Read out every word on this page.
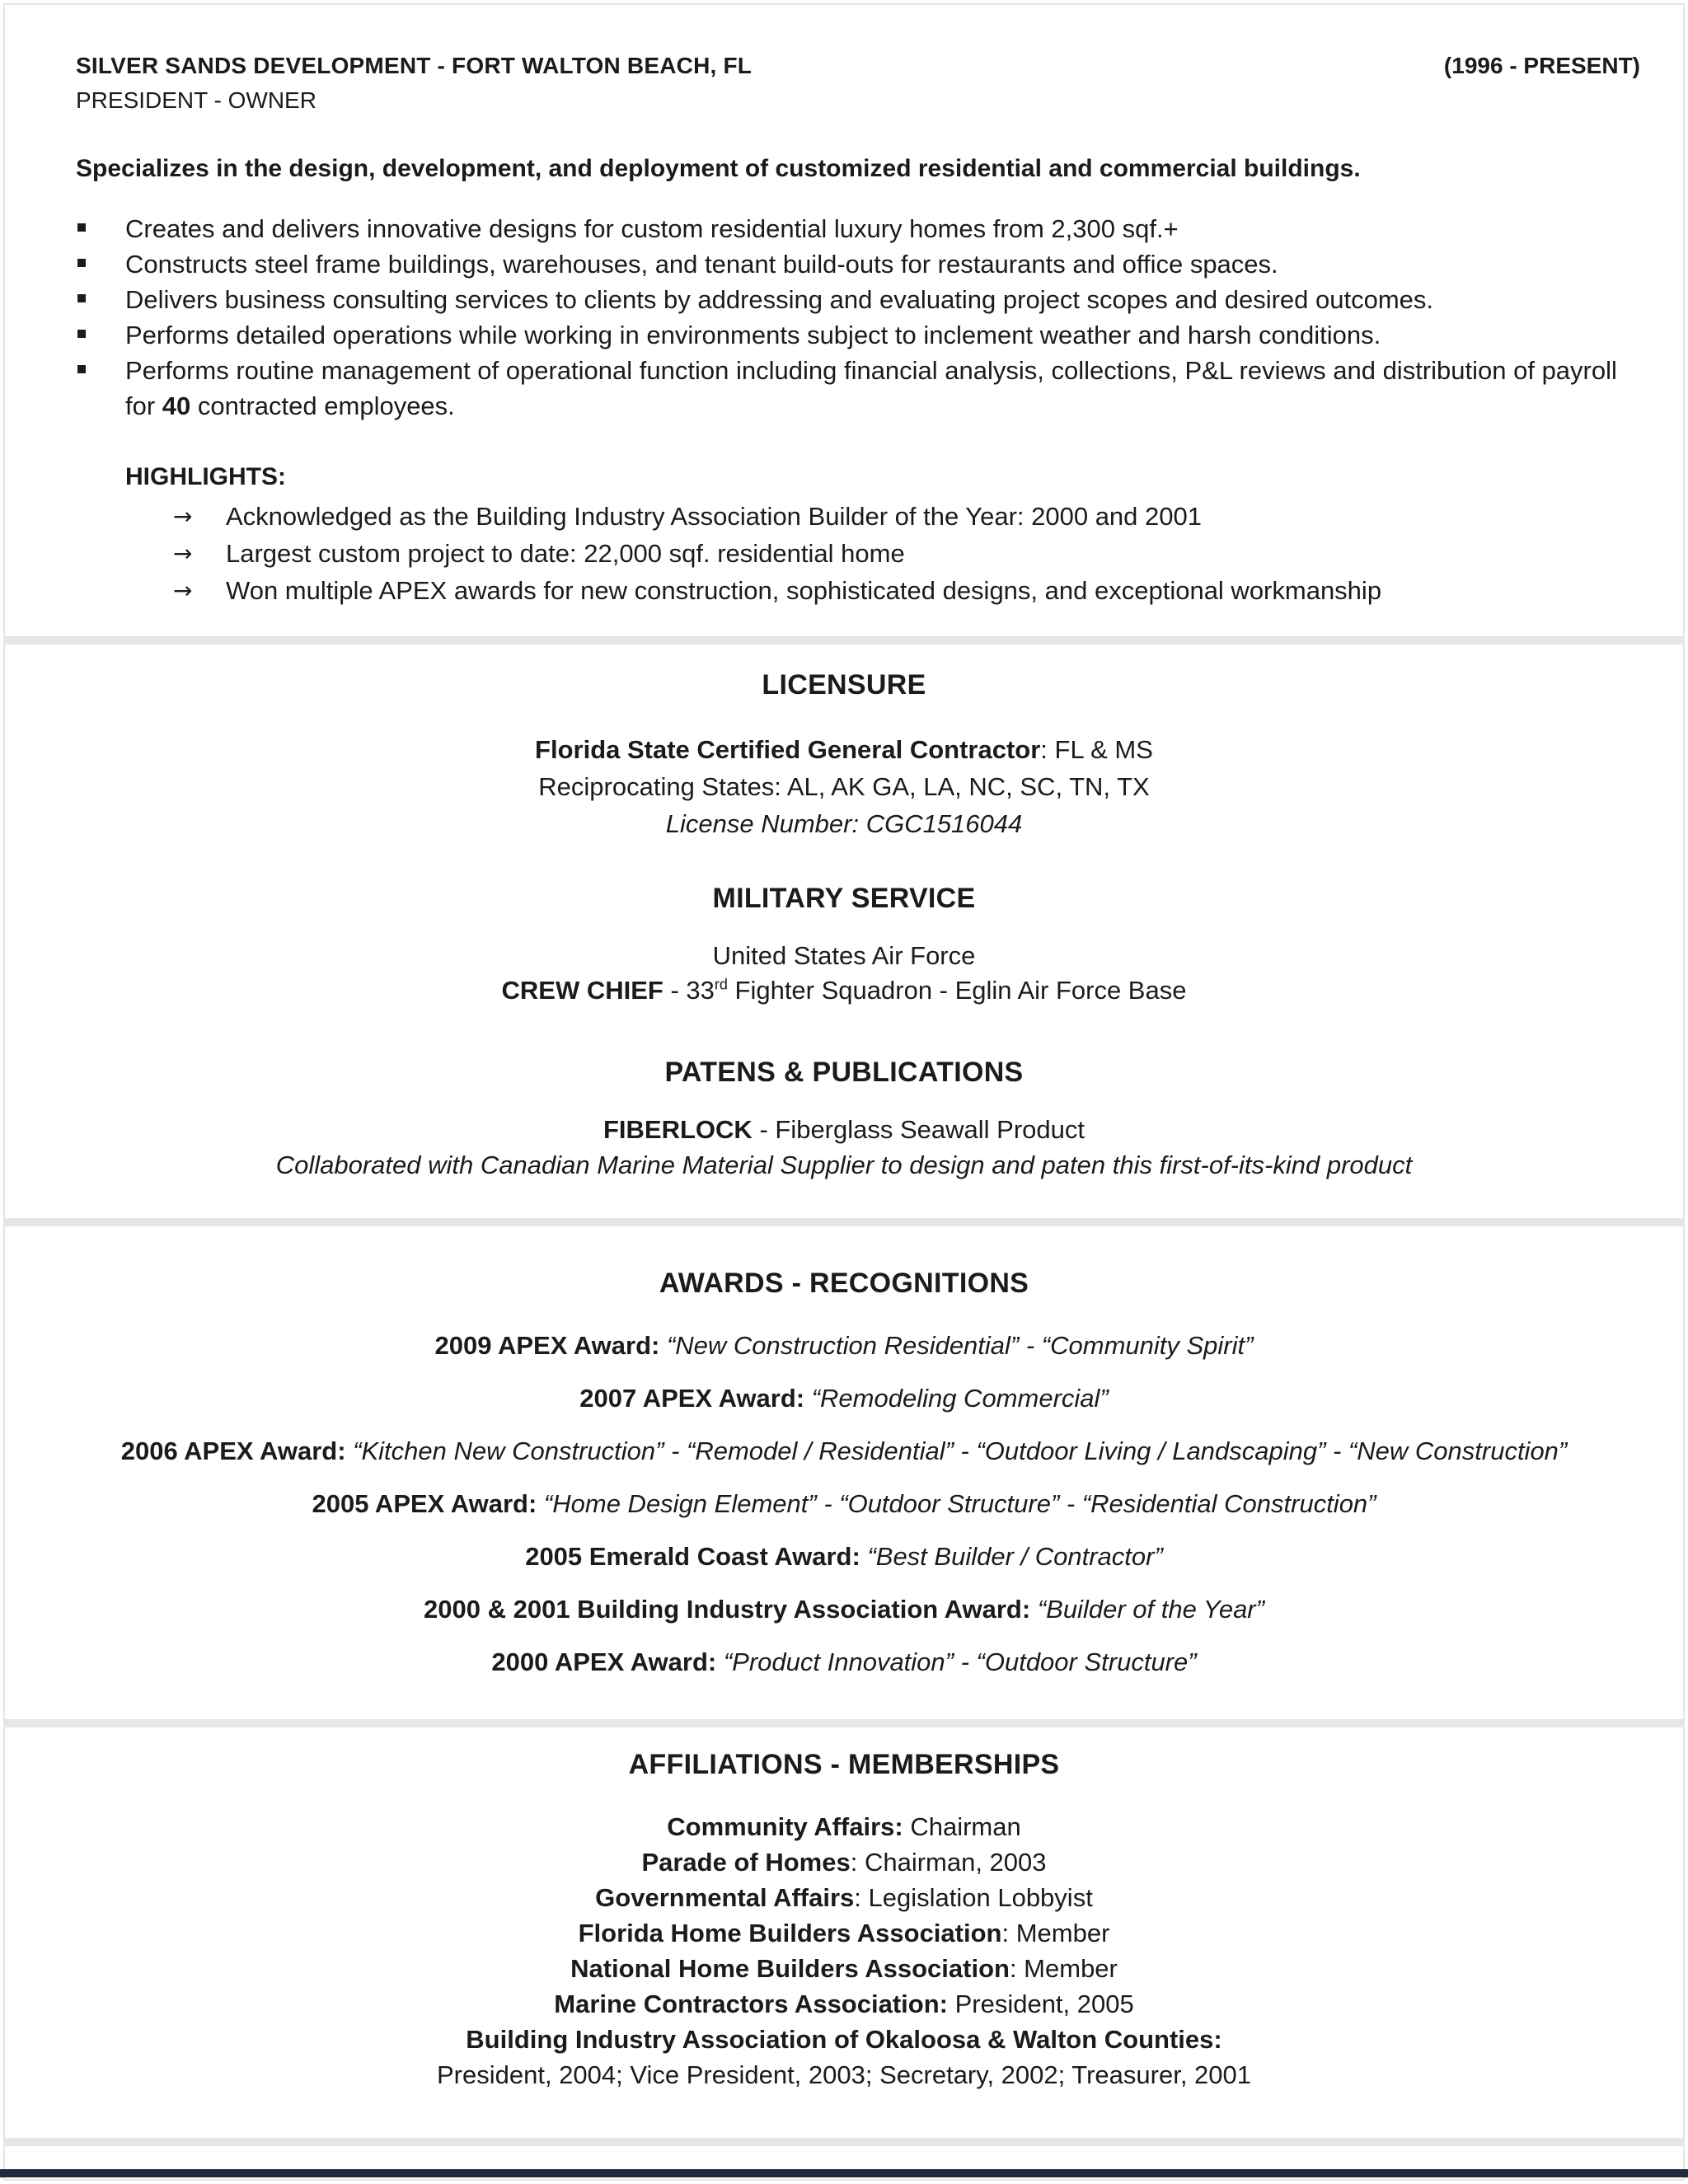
SILVER SANDS DEVELOPMENT - FORT WALTON BEACH, FL	(1996 - PRESENT)
PRESIDENT - OWNER
Specializes in the design, development, and deployment of customized residential and commercial buildings.
Creates and delivers innovative designs for custom residential luxury homes from 2,300 sqf.+
Constructs steel frame buildings, warehouses, and tenant build-outs for restaurants and office spaces.
Delivers business consulting services to clients by addressing and evaluating project scopes and desired outcomes.
Performs detailed operations while working in environments subject to inclement weather and harsh conditions.
Performs routine management of operational function including financial analysis, collections, P&L reviews and distribution of payroll for 40 contracted employees.
HIGHLIGHTS:
→ Acknowledged as the Building Industry Association Builder of the Year: 2000 and 2001
→ Largest custom project to date: 22,000 sqf. residential home
→ Won multiple APEX awards for new construction, sophisticated designs, and exceptional workmanship
LICENSURE
Florida State Certified General Contractor: FL & MS
Reciprocating States: AL, AK GA, LA, NC, SC, TN, TX
License Number: CGC1516044
MILITARY SERVICE
United States Air Force
CREW CHIEF - 33rd Fighter Squadron - Eglin Air Force Base
PATENS & PUBLICATIONS
FIBERLOCK - Fiberglass Seawall Product
Collaborated with Canadian Marine Material Supplier to design and paten this first-of-its-kind product
AWARDS - RECOGNITIONS
2009 APEX Award: “New Construction Residential” - “Community Spirit”
2007 APEX Award: “Remodeling Commercial”
2006 APEX Award: “Kitchen New Construction” - “Remodel / Residential” - “Outdoor Living / Landscaping” - “New Construction”
2005 APEX Award: “Home Design Element” - “Outdoor Structure” - “Residential Construction”
2005 Emerald Coast Award: “Best Builder / Contractor”
2000 & 2001 Building Industry Association Award: “Builder of the Year”
2000 APEX Award: “Product Innovation” - “Outdoor Structure”
AFFILIATIONS - MEMBERSHIPS
Community Affairs: Chairman
Parade of Homes: Chairman, 2003
Governmental Affairs: Legislation Lobbyist
Florida Home Builders Association: Member
National Home Builders Association: Member
Marine Contractors Association: President, 2005
Building Industry Association of Okaloosa & Walton Counties:
President, 2004; Vice President, 2003; Secretary, 2002; Treasurer, 2001
